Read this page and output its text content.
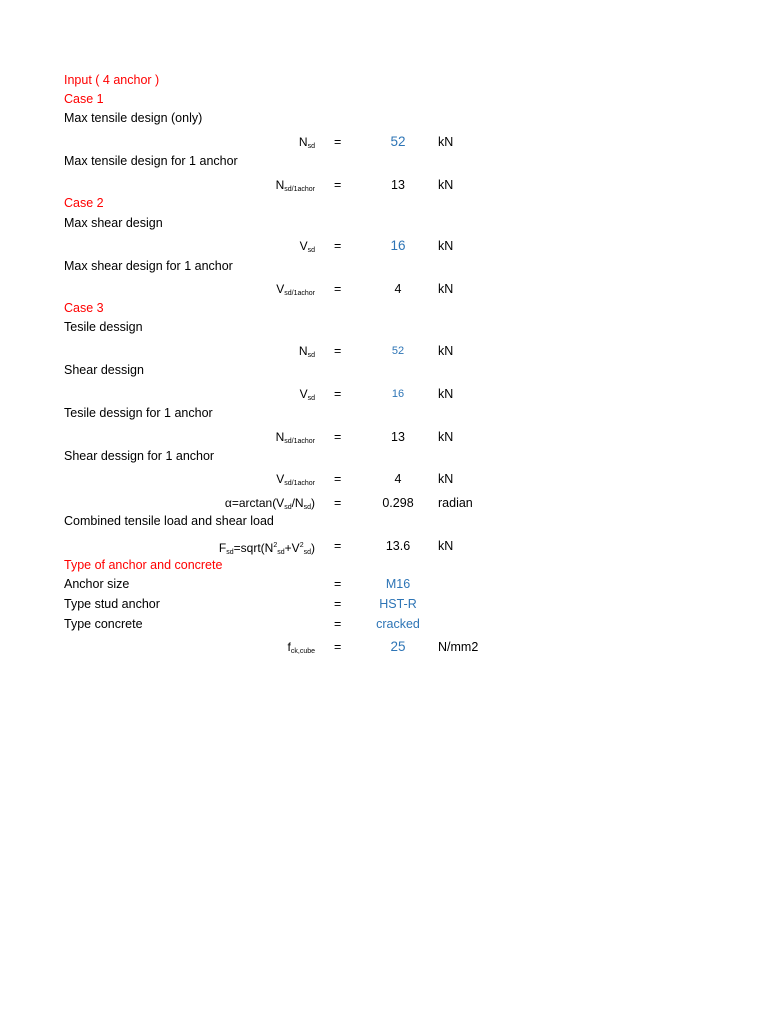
Input ( 4 anchor )
Case 1
Max tensile design (only)
$N_{sd}$ =	52	kN
Max tensile design for 1 anchor
$N_{sd/1achor}$ =	13	kN
Case 2
Max shear design
$V_{sd}$ =	16	kN
Max shear design for 1 anchor
$V_{sd/1achor}$ =	4	kN
Case 3
Tesile dessign
$N_{sd}$ =	52	kN
Shear dessign
$V_{sd}$ =	16	kN
Tesile dessign for 1 anchor
$N_{sd/1achor}$ =	13	kN
Shear dessign for 1 anchor
$V_{sd/1achor}$ =	4	kN
$\alpha=\arctan(V_{sd}/N_{sd})$ =	0.298	radian
Combined tensile load and shear load
$F_{sd}=sqrt(N^2_{sd}+V^2_{sd})$ =	13.6	kN
Type of anchor and concrete
Anchor size	=	M16
Type stud anchor	=	HST-R
Type concrete	=	cracked
$f_{ck,cube}$ =	25	N/mm2
